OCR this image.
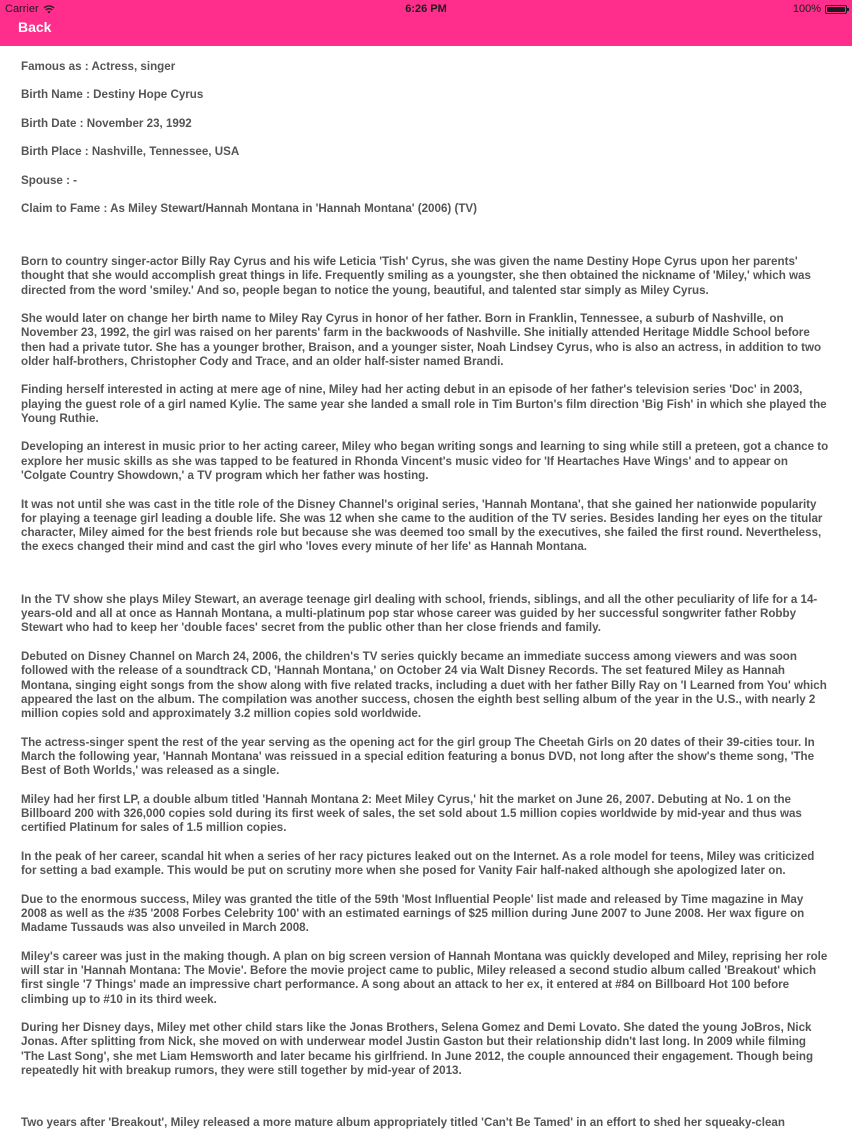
Carrier	6:26 PM	100%
Back
Famous as : Actress, singer
Birth Name : Destiny Hope Cyrus
Birth Date : November 23, 1992
Birth Place : Nashville, Tennessee, USA
Spouse : -
Claim to Fame : As Miley Stewart/Hannah Montana in 'Hannah Montana' (2006) (TV)

Born to country singer-actor Billy Ray Cyrus and his wife Leticia 'Tish' Cyrus, she was given the name Destiny Hope Cyrus upon her parents' thought that she would accomplish great things in life. Frequently smiling as a youngster, she then obtained the nickname of 'Miley,' which was directed from the word 'smiley.' And so, people began to notice the young, beautiful, and talented star simply as Miley Cyrus.

She would later on change her birth name to Miley Ray Cyrus in honor of her father. Born in Franklin, Tennessee, a suburb of Nashville, on November 23, 1992, the girl was raised on her parents' farm in the backwoods of Nashville. She initially attended Heritage Middle School before then had a private tutor. She has a younger brother, Braison, and a younger sister, Noah Lindsey Cyrus, who is also an actress, in addition to two older half-brothers, Christopher Cody and Trace, and an older half-sister named Brandi.

Finding herself interested in acting at mere age of nine, Miley had her acting debut in an episode of her father's television series 'Doc' in 2003, playing the guest role of a girl named Kylie. The same year she landed a small role in Tim Burton's film direction 'Big Fish' in which she played the Young Ruthie.

Developing an interest in music prior to her acting career, Miley who began writing songs and learning to sing while still a preteen, got a chance to explore her music skills as she was tapped to be featured in Rhonda Vincent's music video for 'If Heartaches Have Wings' and to appear on 'Colgate Country Showdown,' a TV program which her father was hosting.

It was not until she was cast in the title role of the Disney Channel's original series, 'Hannah Montana', that she gained her nationwide popularity for playing a teenage girl leading a double life. She was 12 when she came to the audition of the TV series. Besides landing her eyes on the titular character, Miley aimed for the best friends role but because she was deemed too small by the executives, she failed the first round. Nevertheless, the execs changed their mind and cast the girl who 'loves every minute of her life' as Hannah Montana.

In the TV show she plays Miley Stewart, an average teenage girl dealing with school, friends, siblings, and all the other peculiarity of life for a 14-years-old and all at once as Hannah Montana, a multi-platinum pop star whose career was guided by her successful songwriter father Robby Stewart who had to keep her 'double faces' secret from the public other than her close friends and family.

Debuted on Disney Channel on March 24, 2006, the children's TV series quickly became an immediate success among viewers and was soon followed with the release of a soundtrack CD, 'Hannah Montana,' on October 24 via Walt Disney Records. The set featured Miley as Hannah Montana, singing eight songs from the show along with five related tracks, including a duet with her father Billy Ray on 'I Learned from You' which appeared the last on the album. The compilation was another success, chosen the eighth best selling album of the year in the U.S., with nearly 2 million copies sold and approximately 3.2 million copies sold worldwide.

The actress-singer spent the rest of the year serving as the opening act for the girl group The Cheetah Girls on 20 dates of their 39-cities tour. In March the following year, 'Hannah Montana' was reissued in a special edition featuring a bonus DVD, not long after the show's theme song, 'The Best of Both Worlds,' was released as a single.

Miley had her first LP, a double album titled 'Hannah Montana 2: Meet Miley Cyrus,' hit the market on June 26, 2007. Debuting at No. 1 on the Billboard 200 with 326,000 copies sold during its first week of sales, the set sold about 1.5 million copies worldwide by mid-year and thus was certified Platinum for sales of 1.5 million copies.

In the peak of her career, scandal hit when a series of her racy pictures leaked out on the Internet. As a role model for teens, Miley was criticized for setting a bad example. This would be put on scrutiny more when she posed for Vanity Fair half-naked although she apologized later on.

Due to the enormous success, Miley was granted the title of the 59th 'Most Influential People' list made and released by Time magazine in May 2008 as well as the #35 '2008 Forbes Celebrity 100' with an estimated earnings of $25 million during June 2007 to June 2008. Her wax figure on Madame Tussauds was also unveiled in March 2008.

Miley's career was just in the making though. A plan on big screen version of Hannah Montana was quickly developed and Miley, reprising her role will star in 'Hannah Montana: The Movie'. Before the movie project came to public, Miley released a second studio album called 'Breakout' which first single '7 Things' made an impressive chart performance. A song about an attack to her ex, it entered at #84 on Billboard Hot 100 before climbing up to #10 in its third week.

During her Disney days, Miley met other child stars like the Jonas Brothers, Selena Gomez and Demi Lovato. She dated the young JoBros, Nick Jonas. After splitting from Nick, she moved on with underwear model Justin Gaston but their relationship didn't last long. In 2009 while filming 'The Last Song', she met Liam Hemsworth and later became his girlfriend. In June 2012, the couple announced their engagement. Though being repeatedly hit with breakup rumors, they were still together by mid-year of 2013.

Two years after 'Breakout', Miley released a more mature album appropriately titled 'Can't Be Tamed' in an effort to shed her squeaky-clean
